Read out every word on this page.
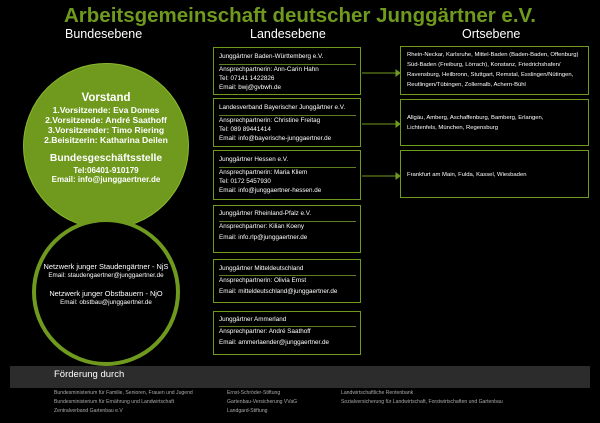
Arbeitsgemeinschaft deutscher Junggärtner e.V.
Bundesebene	Landesebene	Ortsebene
Vorstand
1.Vorsitzende: Eva Domes
2.Vorsitzende: André Saathoff
3.Vorsitzender: Timo Riering
2.Beisitzerin: Katharina Deilen
Bundesgeschäftsstelle
Tel:06401-910179
Email: info@junggaertner.de
Netzwerk junger Staudengärtner - NjS
Email: staudengaertner@junggaertner.de
Netzwerk junger Obstbauern - NjO
Email: obstbau@junggaertner.de
Junggärtner Baden-Württemberg e.V.
Ansprechpartnerin: Ann-Carin Hahn
Tel: 07141 1422826
Email: bwj@gvbwh.de
Landesverband Bayerischer Junggärtner e.V.
Ansprechpartnerin: Christine Freitag
Tel: 089 89441414
Email: info@bayerische-junggaertner.de
Junggärtner Hessen e.V.
Ansprechpartnerin: Maria Kliem
Tel: 0172 5457930
Email: info@junggaertner-hessen.de
Junggärtner Rheinland-Pfalz e.V.
Ansprechpartner: Kilian Koeny
Email: info.rlp@junggaertner.de
Junggärtner Mitteldeutschland
Ansprechpartnerin: Olivia Ernst
Email: mitteldeutschland@junggaertner.de
Junggärtner Ammerland
Ansprechpartner: André Saathoff
Email: ammerlaender@junggaertner.de
Rhein-Neckar, Karlsruhe, Mittel-Baden (Baden-Baden, Offenburg)
Süd-Baden (Freiburg, Lörrach), Konstanz, Friedrichshafen/
Ravensburg, Heilbronn, Stuttgart, Remstal, Esslingen/Nütingen,
Reutlingen/Tübingen, Zollernalb, Achern-Bühl
Allgäu, Amberg, Aschaffenburg, Bamberg, Erlangen,
Lichtenfels, München, Regensburg
Frankfurt am Main, Fulda, Kassel, Wiesbaden
Förderung durch
Bundesministerium für Familie, Senioren, Frauen und Jugend
Bundesministerium für Ernährung und Landwirtschaft
Zentralverband Gartenbau e.V
Ernst-Schröder-Stiftung
Gartenbau-Versicherung VVaG
Landgard-Stiftung
Landwirtschaftliche Rentenbank
Sozialversicherung für Landwirtschaft, Forstwirtschaften und Gartenbau
